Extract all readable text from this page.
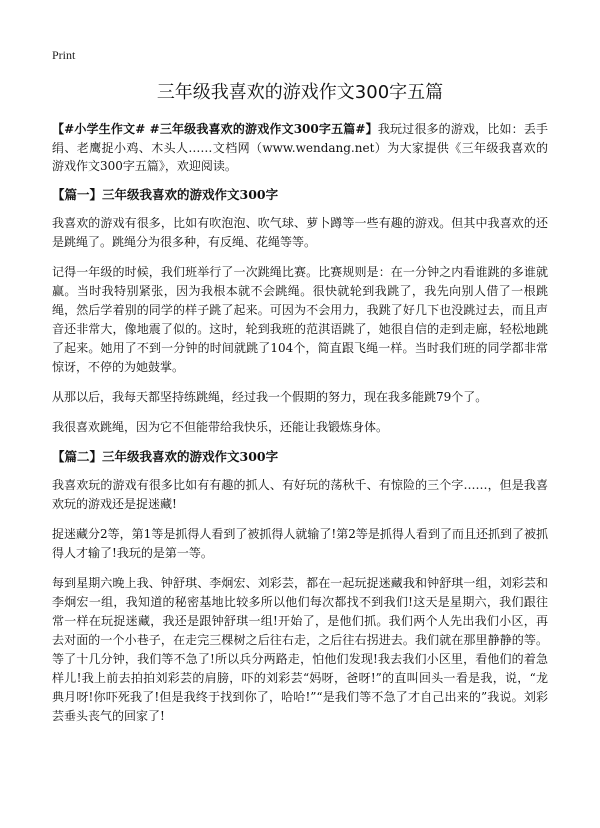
Print
三年级我喜欢的游戏作文300字五篇

【#小学生作文# #三年级我喜欢的游戏作文300字五篇#】我玩过很多的游戏，比如：丢手绢、老鹰捉小鸡、木头人……文档网（www.wendang.net）为大家提供《三年级我喜欢的游戏作文300字五篇》，欢迎阅读。

【篇一】三年级我喜欢的游戏作文300字

我喜欢的游戏有很多，比如有吹泡泡、吹气球、萝卜蹲等一些有趣的游戏。但其中我喜欢的还是跳绳了。跳绳分为很多种，有反绳、花绳等等。

记得一年级的时候，我们班举行了一次跳绳比赛。比赛规则是：在一分钟之内看谁跳的多谁就赢。当时我特别紧张，因为我根本就不会跳绳。很快就轮到我跳了，我先向别人借了一根跳绳，然后学着别的同学的样子跳了起来。可因为不会用力，我跳了好几下也没跳过去，而且声音还非常大，像地震了似的。这时，轮到我班的范淇语跳了，她很自信的走到走廊，轻松地跳了起来。她用了不到一分钟的时间就跳了104个，简直跟飞绳一样。当时我们班的同学都非常惊讶，不停的为她鼓掌。

从那以后，我每天都坚持练跳绳，经过我一个假期的努力，现在我多能跳79个了。

我很喜欢跳绳，因为它不但能带给我快乐，还能让我锻炼身体。

【篇二】三年级我喜欢的游戏作文300字

我喜欢玩的游戏有很多比如有有趣的抓人、有好玩的荡秋千、有惊险的三个字……，但是我喜欢玩的游戏还是捉迷藏!

捉迷藏分2等，第1等是抓得人看到了被抓得人就输了!第2等是抓得人看到了而且还抓到了被抓得人才输了!我玩的是第一等。

每到星期六晚上我、钟舒琪、李炯宏、刘彩芸，都在一起玩捉迷藏我和钟舒琪一组，刘彩芸和李炯宏一组，我知道的秘密基地比较多所以他们每次都找不到我们!这天是星期六，我们跟往常一样在玩捉迷藏，我还是跟钟舒琪一组!开始了，是他们抓。我们两个人先出我们小区，再去对面的一个小巷子，在走完三棵树之后往右走，之后往右拐进去。我们就在那里静静的等。等了十几分钟，我们等不急了!所以兵分两路走，怕他们发现!我去我们小区里，看他们的着急样儿!我上前去拍拍刘彩芸的肩膀，吓的刘彩芸“妈呀，爸呀!”的直叫回头一看是我，说，“龙典月呀!你吓死我了!但是我终于找到你了，哈哈!”“是我们等不急了才自己出来的”我说。刘彩芸垂头丧气的回家了!
